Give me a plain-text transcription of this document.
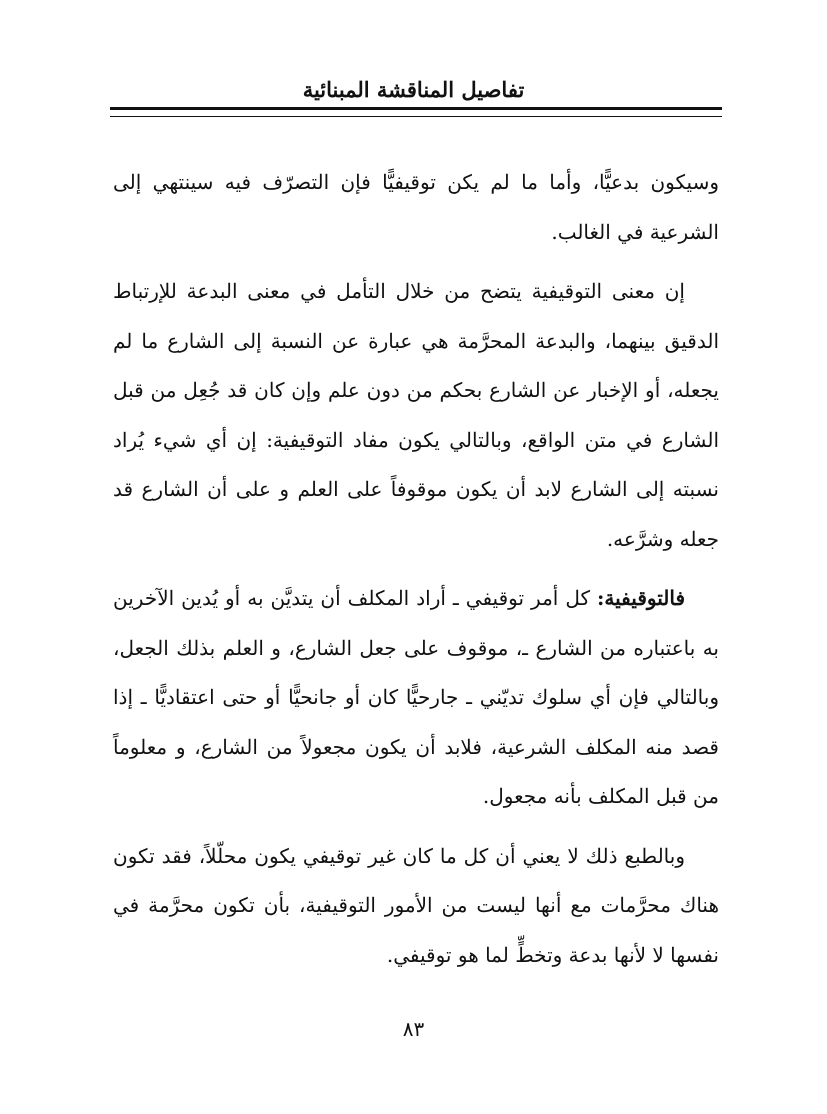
تفاصيل المناقشة المبنائية

وسيكون بدعيًّا، وأما ما لم يكن توقيفيًّا فإن التصرّف فيه سينتهي إلى الشرعية في الغالب.

إن معنى التوقيفية يتضح من خلال التأمل في معنى البدعة للإرتباط الدقيق بينهما، والبدعة المحرَّمة هي عبارة عن النسبة إلى الشارع ما لم يجعله، أو الإخبار عن الشارع بحكم من دون علم وإن كان قد جُعِل من قبل الشارع في متن الواقع، وبالتالي يكون مفاد التوقيفية: إن أي شيء يُراد نسبته إلى الشارع لابد أن يكون موقوفاً على العلم و على أن الشارع قد جعله وشرَّعه.

فالتوقيفية: كل أمر توقيفي ـ أراد المكلف أن يتديَّن به أو يُدين الآخرين به باعتباره من الشارع ـ، موقوف على جعل الشارع، و العلم بذلك الجعل، وبالتالي فإن أي سلوك تديّني ـ جارحيًّا كان أو جانحيًّا أو حتى اعتقاديًّا ـ إذا قصد منه المكلف الشرعية، فلابد أن يكون مجعولاً من الشارع، و معلوماً من قبل المكلف بأنه مجعول.

وبالطبع ذلك لا يعني أن كل ما كان غير توقيفي يكون محلّلاً، فقد تكون هناك محرَّمات مع أنها ليست من الأمور التوقيفية، بأن تكون محرَّمة في نفسها لا لأنها بدعة وتخطٍّ لما هو توقيفي.

٨٣
